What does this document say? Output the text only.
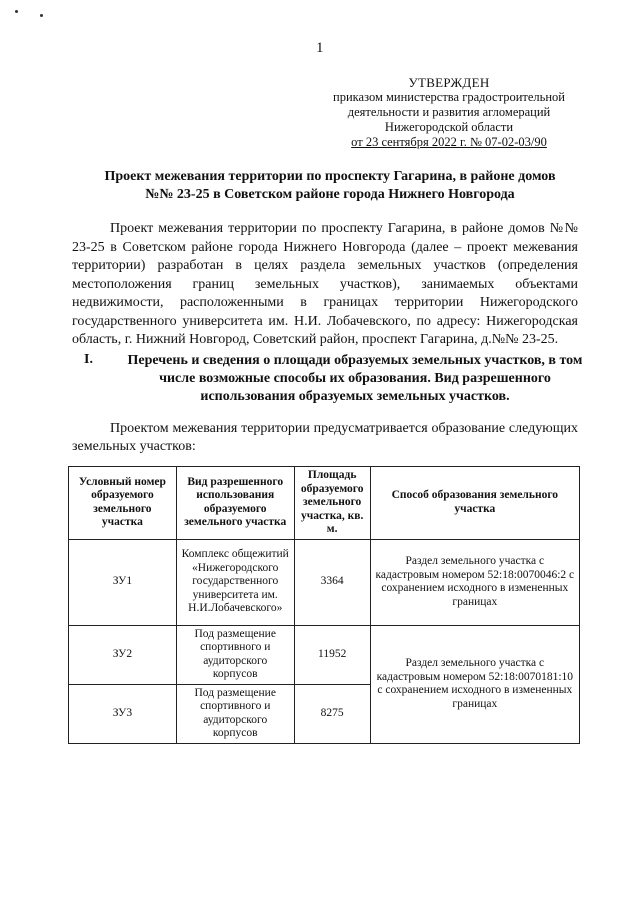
1
УТВЕРЖДЕН
приказом министерства градостроительной
деятельности и развития агломераций
Нижегородской области
от 23 сентября 2022 г. № 07-02-03/90
Проект межевания территории по проспекту Гагарина, в районе домов
№№ 23-25 в Советском районе города Нижнего Новгорода
Проект межевания территории по проспекту Гагарина, в районе домов №№ 23-25 в Советском районе города Нижнего Новгорода (далее – проект межевания территории) разработан в целях раздела земельных участков (определения местоположения границ земельных участков), занимаемых объектами недвижимости, расположенными в границах территории Нижегородского государственного университета им. Н.И. Лобачевского, по адресу: Нижегородская область, г. Нижний Новгород, Советский район, проспект Гагарина, д.№№ 23-25.
I.	Перечень и сведения о площади образуемых земельных участков, в том числе возможные способы их образования. Вид разрешенного использования образуемых земельных участков.
Проектом межевания территории предусматривается образование следующих земельных участков:
Условный номер образуемого земельного участка	Вид разрешенного использования образуемого земельного участка	Площадь образуемого земельного участка, кв. м.	Способ образования земельного участка
ЗУ1	Комплекс общежитий «Нижегородского государственного университета им. Н.И.Лобачевского»	3364	Раздел земельного участка с кадастровым номером 52:18:0070046:2 с сохранением исходного в измененных границах
ЗУ2	Под размещение спортивного и аудиторского корпусов	11952	Раздел земельного участка с кадастровым номером 52:18:0070181:10 с сохранением исходного в измененных границах
ЗУ3	Под размещение спортивного и аудиторского корпусов	8275	
